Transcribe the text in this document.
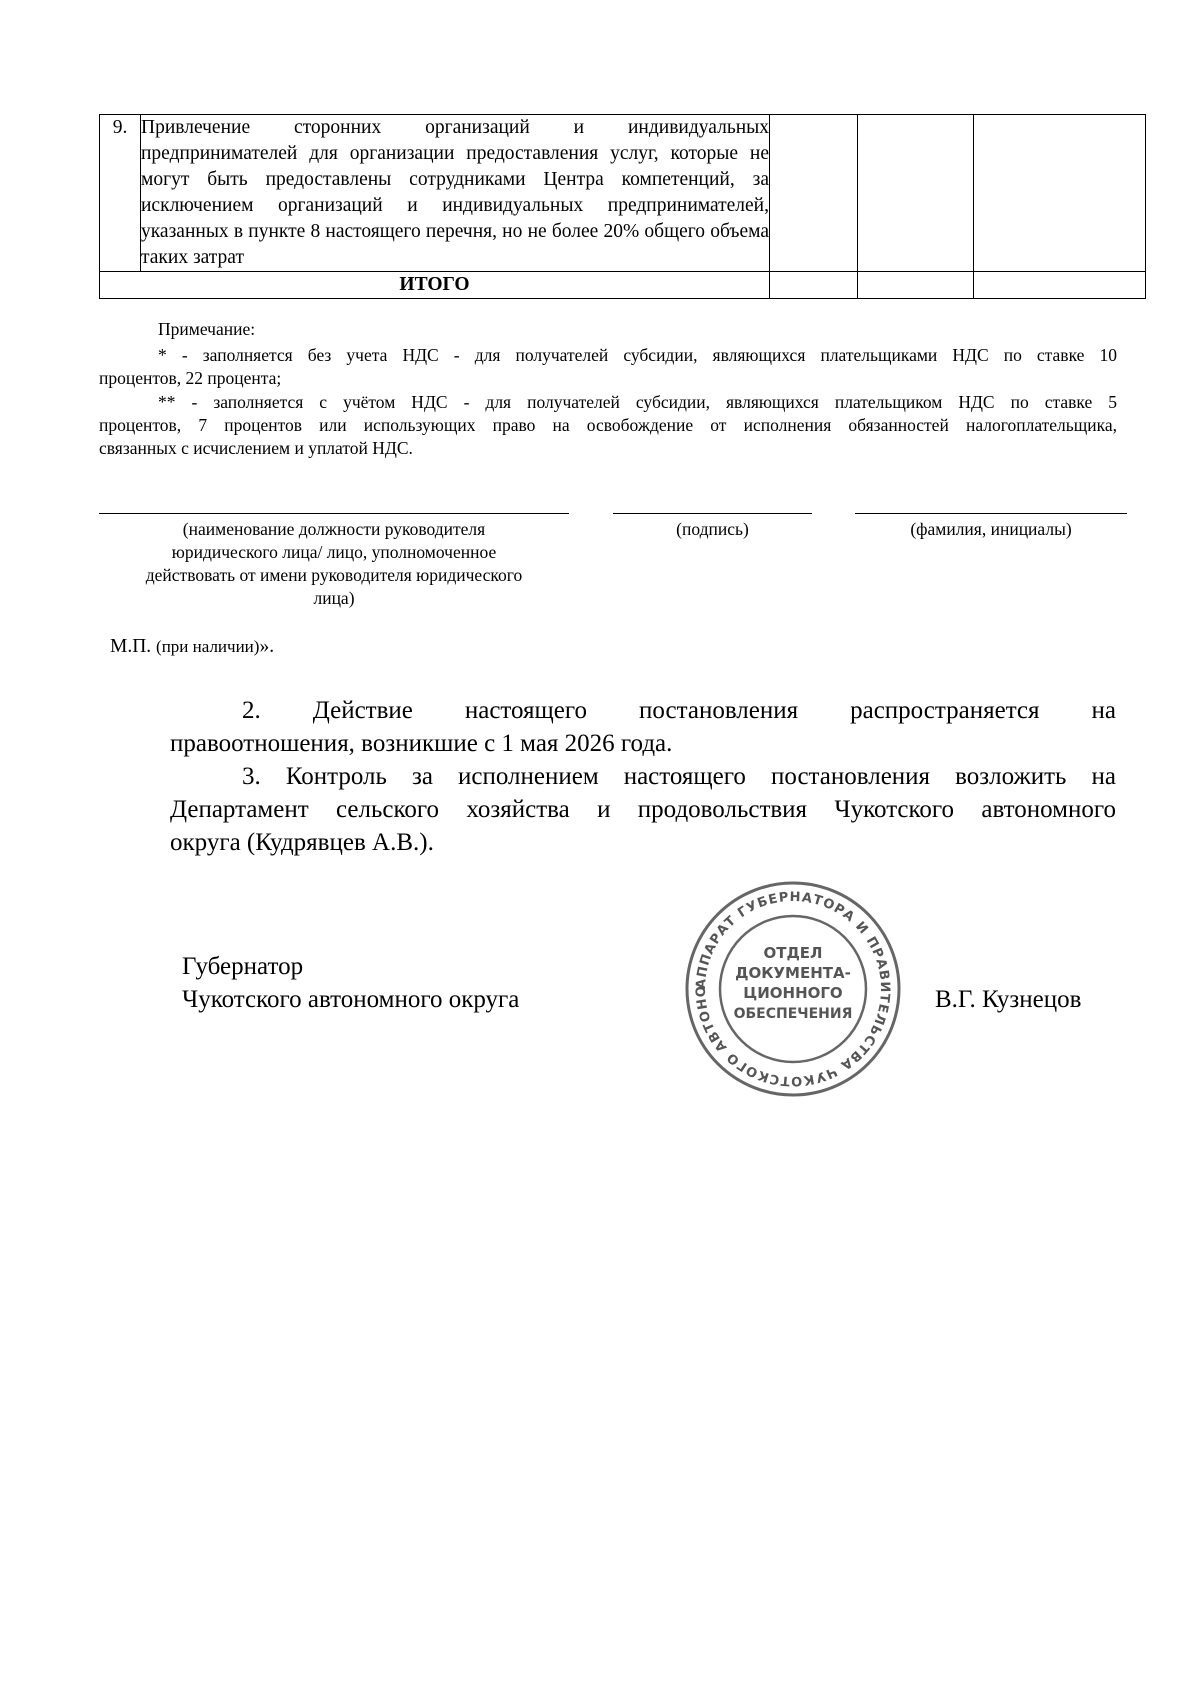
9.	Привлечение сторонних организаций и индивидуальных предпринимателей для организации предоставления услуг, которые не могут быть предоставлены сотрудниками Центра компетенций, за исключением организаций и индивидуальных предпринимателей, указанных в пункте 8 настоящего перечня, но не более 20% общего объема таких затрат			
ИТОГО				
Примечание:
* - заполняется без учета НДС - для получателей субсидии, являющихся плательщиками НДС по ставке 10
процентов, 22 процента;
** - заполняется с учётом НДС - для получателей субсидии, являющихся плательщиком НДС по ставке 5
процентов, 7 процентов или использующих право на освобождение от исполнения обязанностей налогоплательщика,
связанных с исчислением и уплатой НДС.
(наименование должности руководителя
юридического лица/ лицо, уполномоченное
действовать от имени руководителя юридического
лица)
(подпись)	(фамилия, инициалы)
М.П. (при наличии)».
2. Действие настоящего постановления распространяется на
правоотношения, возникшие с 1 мая 2026 года.
3. Контроль за исполнением настоящего постановления возложить на
Департамент сельского хозяйства и продовольствия Чукотского автономного
округа (Кудрявцев А.В.).
Губернатор
Чукотского автономного округа	В.Г. Кузнецов
АППАРАТ ГУБЕРНАТОРА И ПРАВИТЕЛЬСТВА ЧУКОТСКОГО АВТОНО
ОТДЕЛ
ДОКУМЕНТА-
ЦИОННОГО
ОБЕСПЕЧЕНИЯ
